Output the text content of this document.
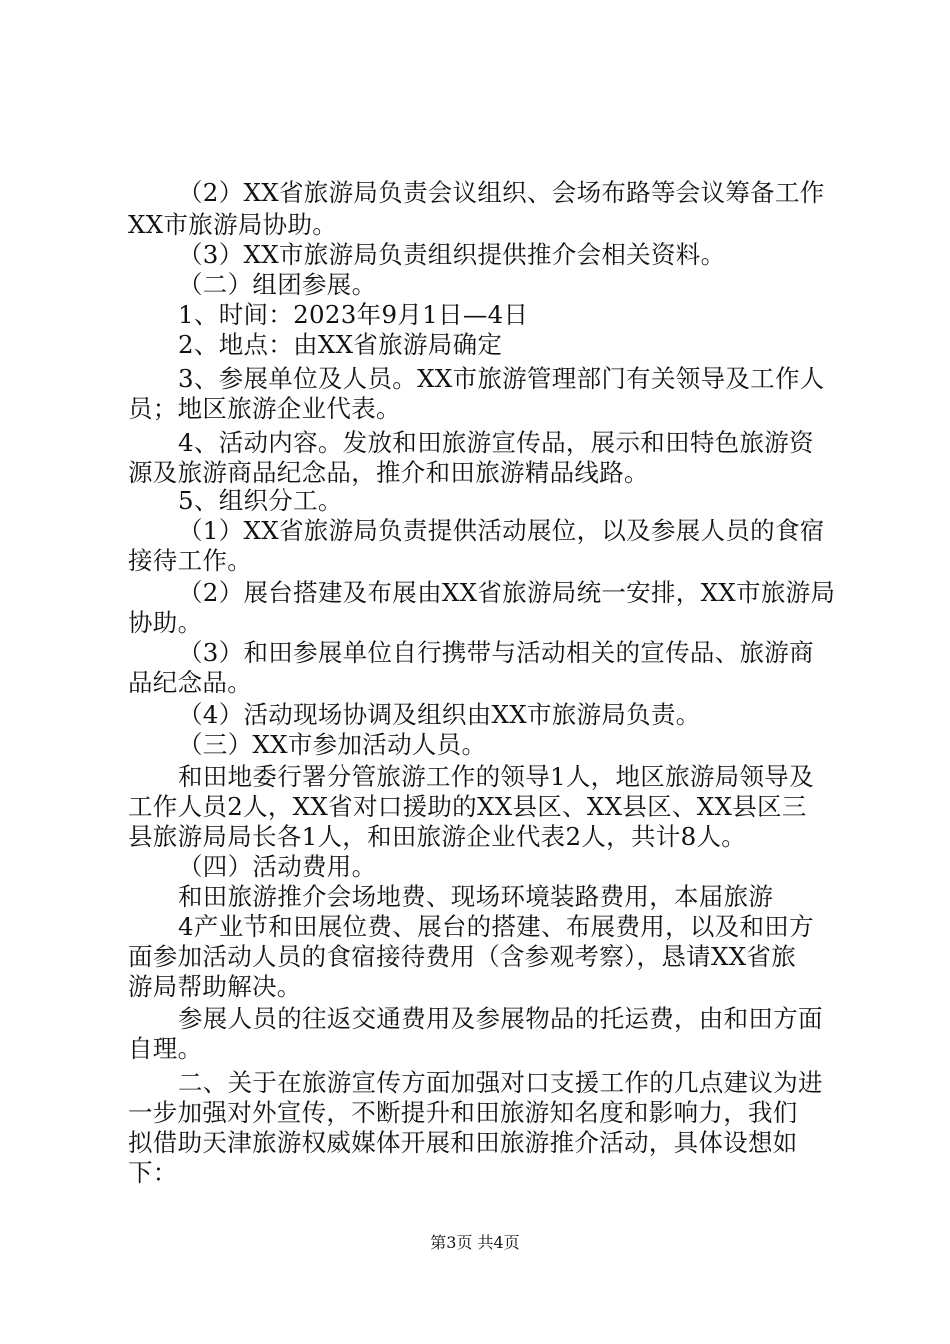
（2）XX省旅游局负责会议组织、会场布路等会议筹备工作
XX市旅游局协助。
（3）XX市旅游局负责组织提供推介会相关资料。
（二）组团参展。
1、时间：2023年9月1日—4日
2、地点：由XX省旅游局确定
3、参展单位及人员。XX市旅游管理部门有关领导及工作人
员；地区旅游企业代表。
4、活动内容。发放和田旅游宣传品，展示和田特色旅游资
源及旅游商品纪念品，推介和田旅游精品线路。
5、组织分工。
（1）XX省旅游局负责提供活动展位，以及参展人员的食宿
接待工作。
（2）展台搭建及布展由XX省旅游局统一安排，XX市旅游局
协助。
（3）和田参展单位自行携带与活动相关的宣传品、旅游商
品纪念品。
（4）活动现场协调及组织由XX市旅游局负责。
（三）XX市参加活动人员。
和田地委行署分管旅游工作的领导1人，地区旅游局领导及
工作人员2人，XX省对口援助的XX县区、XX县区、XX县区三
县旅游局局长各1人，和田旅游企业代表2人，共计8人。
（四）活动费用。
和田旅游推介会场地费、现场环境装路费用，本届旅游
4产业节和田展位费、展台的搭建、布展费用，以及和田方
面参加活动人员的食宿接待费用（含参观考察），恳请XX省旅
游局帮助解决。
参展人员的往返交通费用及参展物品的托运费，由和田方面
自理。
二、关于在旅游宣传方面加强对口支援工作的几点建议为进
一步加强对外宣传，不断提升和田旅游知名度和影响力，我们
拟借助天津旅游权威媒体开展和田旅游推介活动，具体设想如
下：
第3页 共4页
